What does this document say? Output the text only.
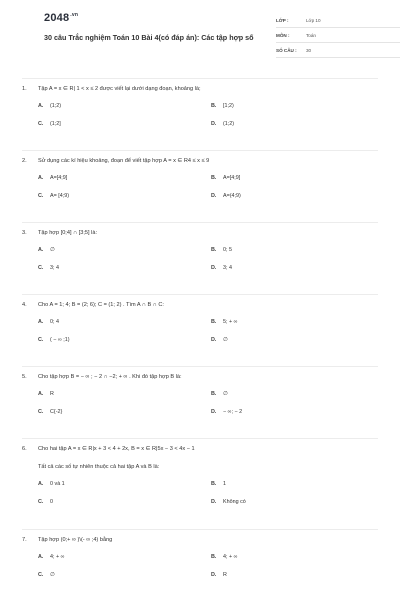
$2048^{.vn}$
30 câu Trắc nghiệm Toán 10 Bài 4(có đáp án): Các tập hợp số
LỚP :	Lớp 10
MÔN :	Toán
SỐ CÂU :	30
1.	Tập A = x ∈ R| 1 < x ≤ 2 được viết lại dưới dạng đoạn, khoảng là;
A.	(1;2)	B.	[1;2)
C.	(1;2]	D.	(1;2)
2.	Sử dụng các kí hiệu khoảng, đoạn để viết tập hợp A = x ∈ R4 ≤ x ≤ 9
A.	A=[4;9]	B.	A=[4;9]
C.	A= [4;9)	D.	A=(4;9)
3.	Tập hợp [0;4] ∩ [3;5] là:
A.	∅	B.	0; 5
C.	3; 4	D.	3; 4
4.	Cho A = 1; 4; B = (2; 6); C = (1; 2) . Tìm A ∩ B ∩ C:
A.	0; 4	B.	5; + ∞
C.	( − ∞ ;1)	D.	∅
5.	Cho tập hợp B = − ∞ ; − 2 ∩ −2; + ∞ . Khi đó tập hợp B là:
A.	R	B.	∅
C.	C{-2}	D.	− ∞; − 2
6.	Cho hai tập A = x ∈ R|x + 3 < 4 + 2x, B = x ∈ R|5x − 3 < 4x − 1
Tất cả các số tự nhiên thuộc cả hai tập A và B là:
A.	0 và 1	B.	1
C.	0	D.	Không có
7.	Tập hợp (0;+ ∞ )\(- ∞ ;4) bằng
A.	4; + ∞	B.	4; + ∞
C.	∅	D.	R
